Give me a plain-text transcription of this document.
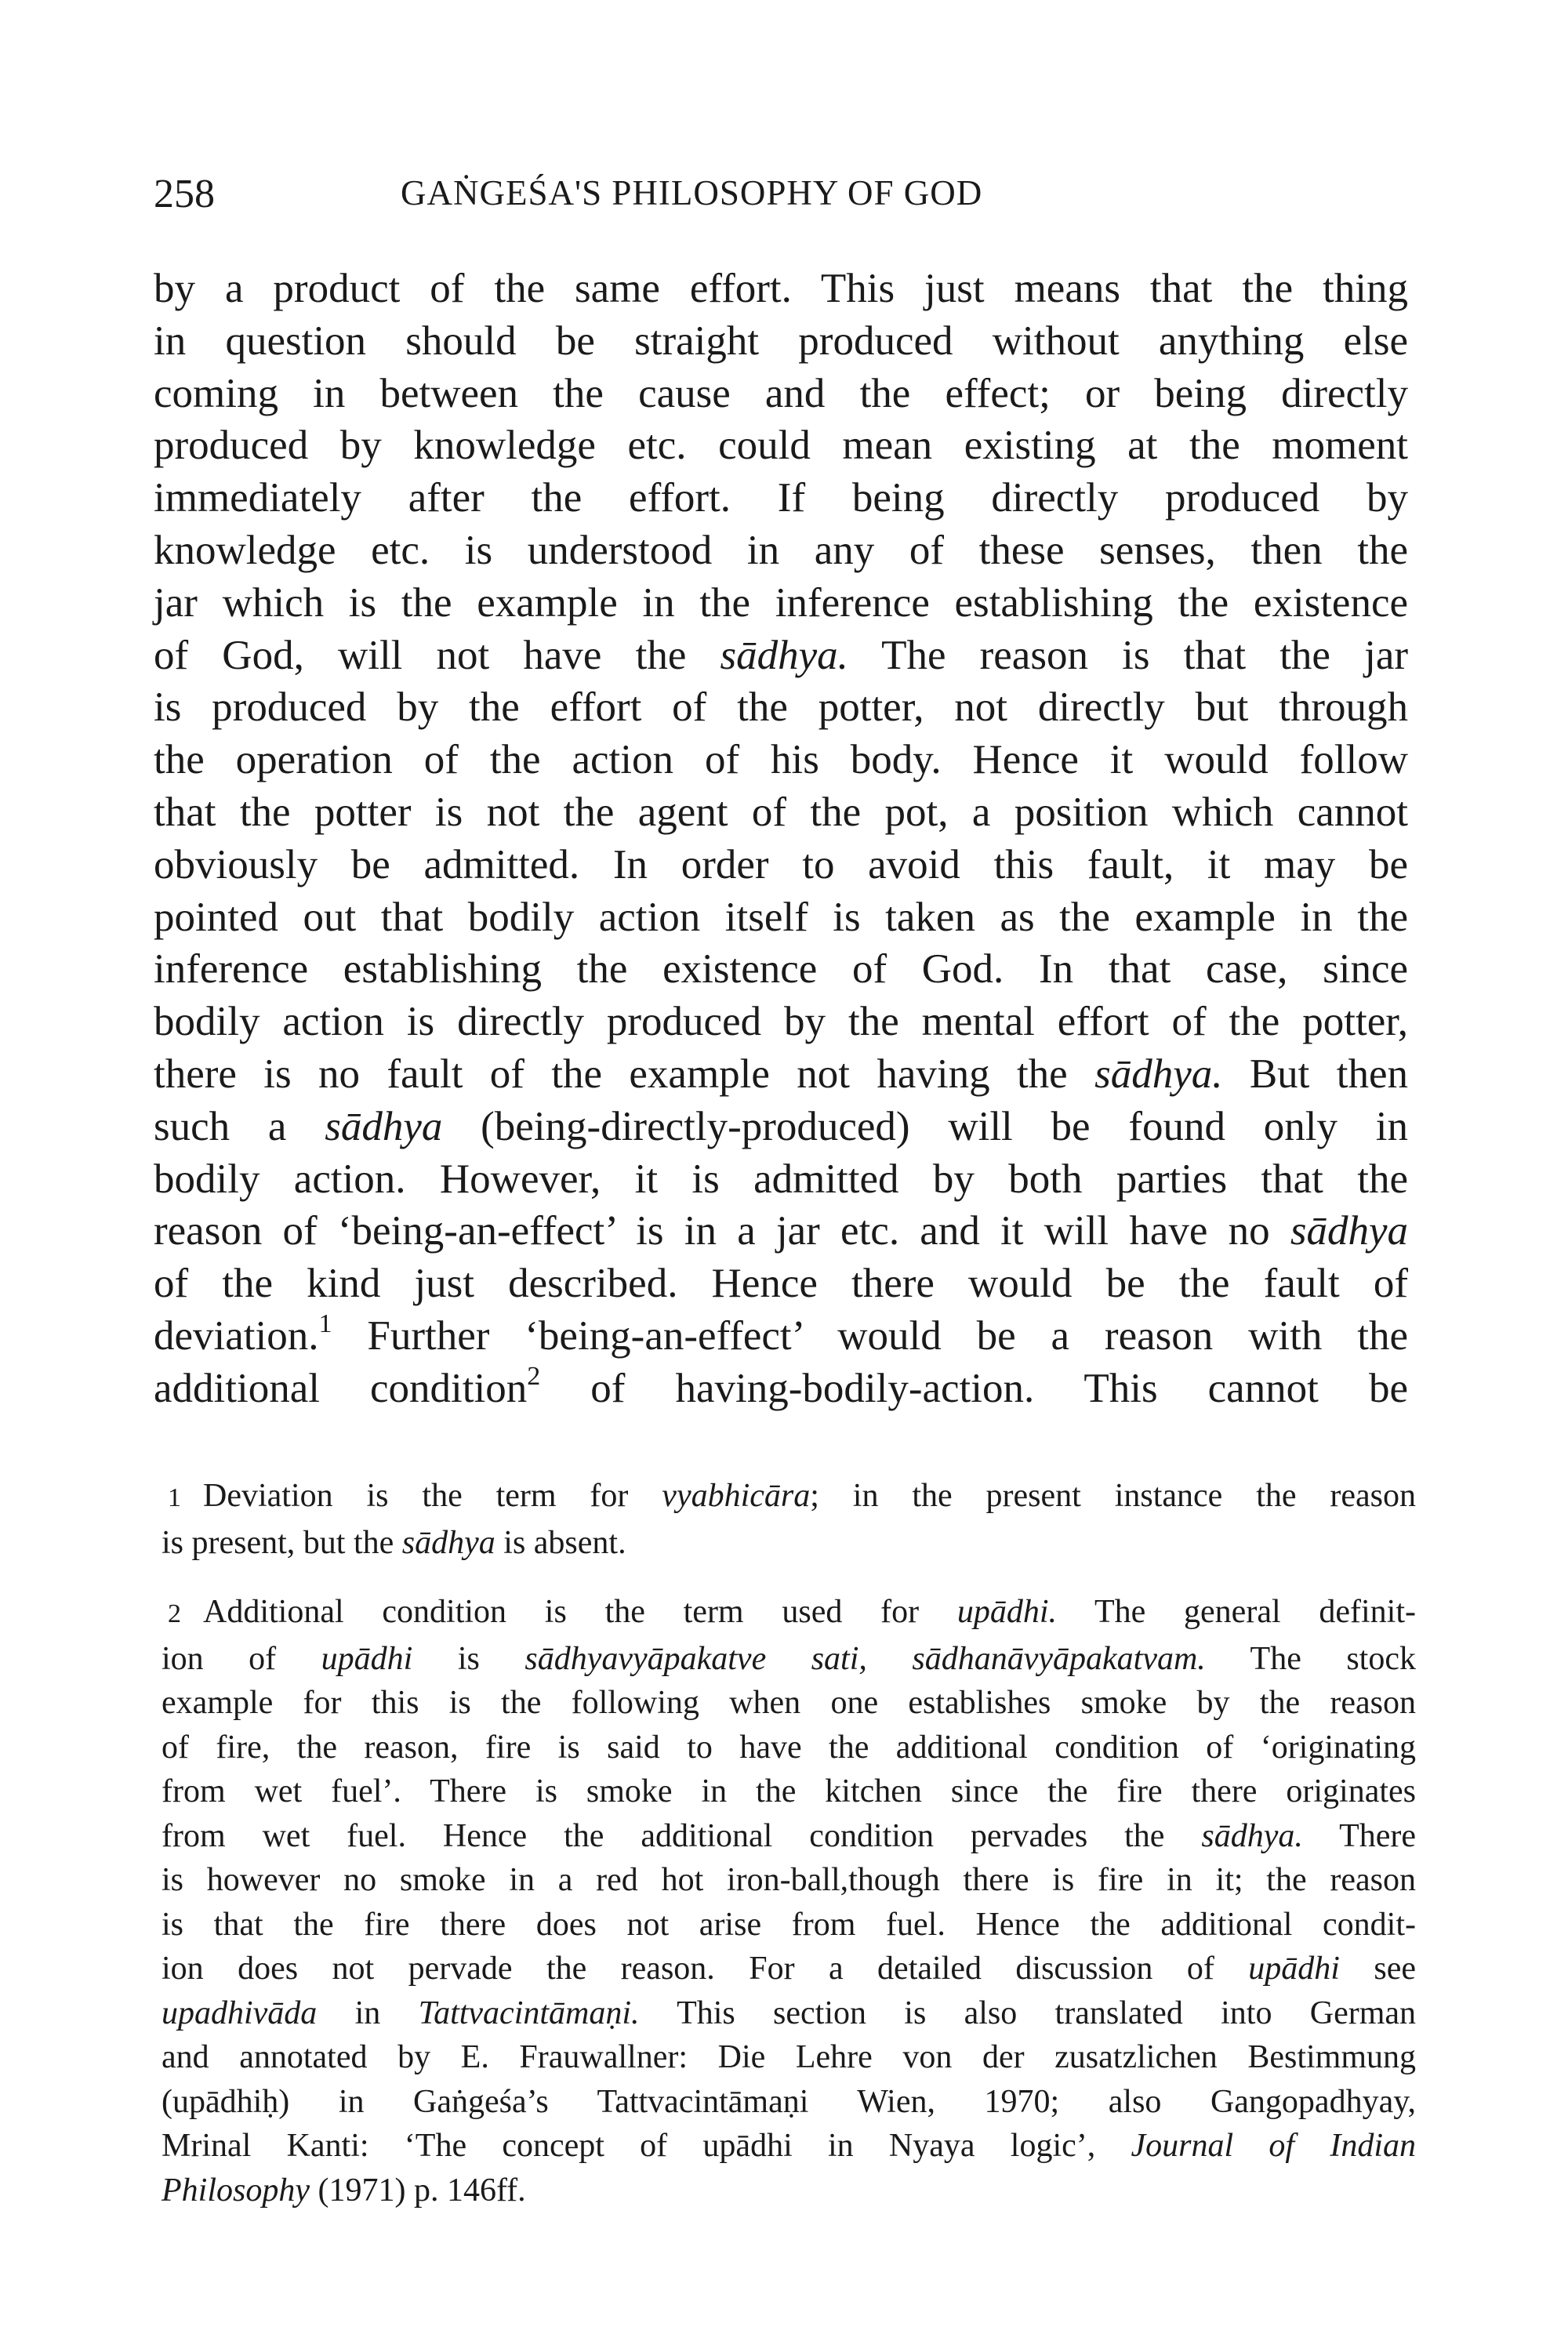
258	GAṄGEŚA'S PHILOSOPHY OF GOD
by a product of the same effort. This just means that the thing
in question should be straight produced without anything else
coming in between the cause and the effect; or being directly
produced by knowledge etc. could mean existing at the moment
immediately after the effort. If being directly produced by
knowledge etc. is understood in any of these senses, then the
jar which is the example in the inference establishing the existence
of God, will not have the sādhya. The reason is that the jar
is produced by the effort of the potter, not directly but through
the operation of the action of his body. Hence it would follow
that the potter is not the agent of the pot, a position which cannot
obviously be admitted. In order to avoid this fault, it may be
pointed out that bodily action itself is taken as the example in the
inference establishing the existence of God. In that case, since
bodily action is directly produced by the mental effort of the potter,
there is no fault of the example not having the sādhya. But then
such a sādhya (being-directly-produced) will be found only in
bodily action. However, it is admitted by both parties that the
reason of ‘being-an-effect’ is in a jar etc. and it will have no sādhya
of the kind just described. Hence there would be the fault of
deviation.$^1$ Further ‘being-an-effect’ would be a reason with the
additional condition$^2$ of having-bodily-action. This cannot be
1 Deviation is the term for vyabhicāra; in the present instance the reason
is present, but the sādhya is absent.
2 Additional condition is the term used for upādhi. The general definit-
ion of upādhi is sādhyavyāpakatve sati, sādhanāvyāpakatvam. The stock
example for this is the following when one establishes smoke by the reason
of fire, the reason, fire is said to have the additional condition of ‘originating
from wet fuel’. There is smoke in the kitchen since the fire there originates
from wet fuel. Hence the additional condition pervades the sādhya. There
is however no smoke in a red hot iron-ball,though there is fire in it; the reason
is that the fire there does not arise from fuel. Hence the additional condit-
ion does not pervade the reason. For a detailed discussion of upādhi see
upadhivāda in Tattvacintāmaṇi. This section is also translated into German
and annotated by E. Frauwallner: Die Lehre von der zusatzlichen Bestimmung
(upādhiḥ) in Gaṅgeśa’s Tattvacintāmaṇi Wien, 1970; also Gangopadhyay,
Mrinal Kanti: ‘The concept of upādhi in Nyaya logic’, Journal of Indian
Philosophy (1971) p. 146ff.
